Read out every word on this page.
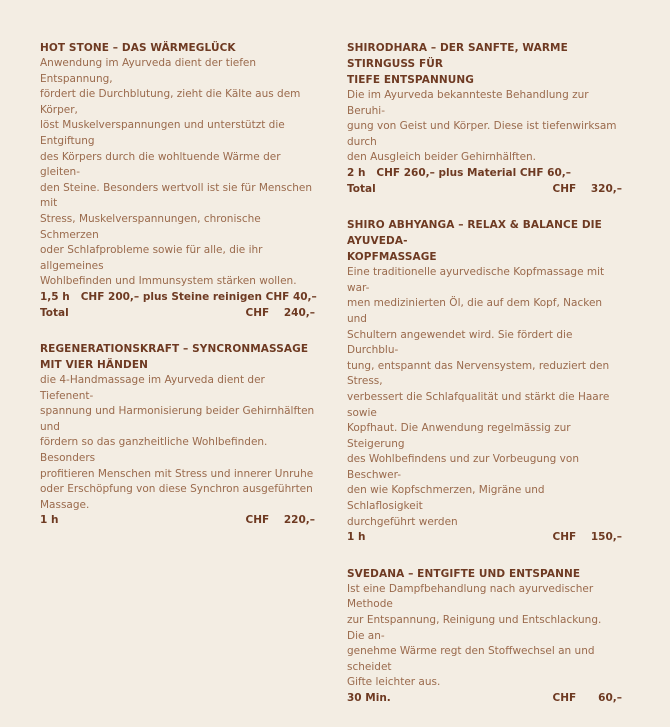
HOT STONE – DAS WÄRMEGLÜCK

Anwendung im Ayurveda dient der tiefen Entspannung,
fördert die Durchblutung, zieht die Kälte aus dem Körper,
löst Muskelverspannungen und unterstützt die Entgiftung
des Körpers durch die wohltuende Wärme der gleiten-
den Steine. Besonders wertvoll ist sie für Menschen mit
Stress, Muskelverspannungen, chronische Schmerzen
oder Schlafprobleme sowie für alle, die ihr allgemeines
Wohlbefinden und Immunsystem stärken wollen.

1,5 h   CHF 200,– plus Steine reinigen CHF 40,–
Total	CHF    240,–
REGENERATIONSKRAFT – SYNCRONMASSAGE
MIT VIER HÄNDEN

die 4-Handmassage im Ayurveda dient der Tiefenent-
spannung und Harmonisierung beider Gehirnhälften und
fördern so das ganzheitliche Wohlbefinden. Besonders
profitieren Menschen mit Stress und innerer Unruhe
oder Erschöpfung von diese Synchron ausgeführten
Massage.

1 h	CHF    220,–
SHIRODHARA – DER SANFTE, WARME STIRNGUSS FÜR
TIEFE ENTSPANNUNG

Die im Ayurveda bekannteste Behandlung zur Beruhi-
gung von Geist und Körper. Diese ist tiefenwirksam durch
den Ausgleich beider Gehirnhälften.

2 h   CHF 260,– plus Material CHF 60,–
Total	CHF    320,–
SHIRO ABHYANGA – RELAX & BALANCE DIE AYUVEDA-
KOPFMASSAGE

Eine traditionelle ayurvedische Kopfmassage mit war-
men medizinierten Öl, die auf dem Kopf, Nacken und
Schultern angewendet wird. Sie fördert die Durchblu-
tung, entspannt das Nervensystem, reduziert den Stress,
verbessert die Schlafqualität und stärkt die Haare sowie
Kopfhaut. Die Anwendung regelmässig zur Steigerung
des Wohlbefindens und zur Vorbeugung von Beschwer-
den wie Kopfschmerzen, Migräne und Schlaflosigkeit
durchgeführt werden

1 h	CHF    150,–
SVEDANA – ENTGIFTE UND ENTSPANNE

Ist eine Dampfbehandlung nach ayurvedischer Methode
zur Entspannung, Reinigung und Entschlackung. Die an-
genehme Wärme regt den Stoffwechsel an und scheidet
Gifte leichter aus.

30 Min.	CHF      60,–
